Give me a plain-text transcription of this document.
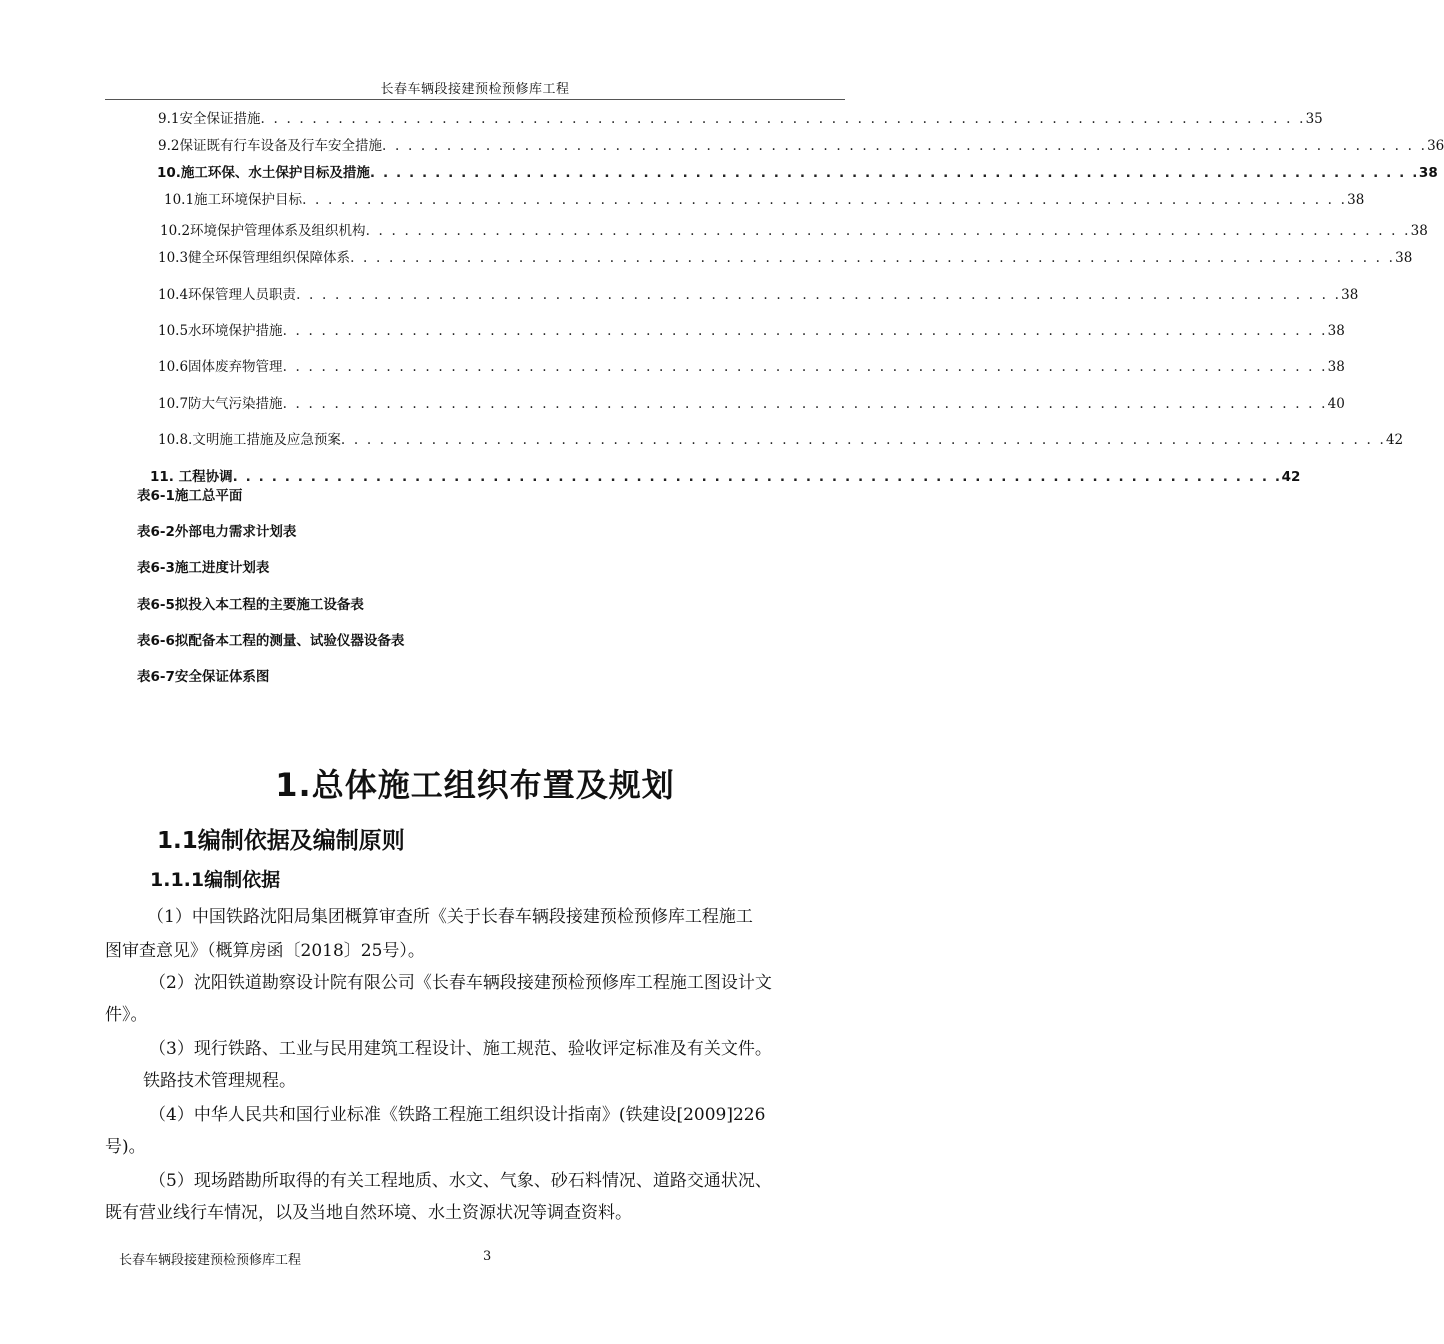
长春车辆段接建预检预修库工程
9.1安全保证措施 . . . . . . . . . . . . . . . . . . . . . . . . . . . . . . . . . . . . . . . . . . . . . . . . . . . . . . . . . . . . . . . . . . . . . . . . . . . . . . . . . 35
9.2保证既有行车设备及行车安全措施 . . . . . . . . . . . . . . . . . . . . . . . . . . . . . . . . . . . . . . . . . . . . . . . . . . . . . . . . . . . . . . . . . . . . . . . . . . . . . . . . . 36
10.施工环保、水土保护目标及措施 . . . . . . . . . . . . . . . . . . . . . . . . . . . . . . . . . . . . . . . . . . . . . . . . . . . . . . . . . . . . . . . . . . . . . . . . . . . . . . . . . 38
10.1施工环境保护目标 . . . . . . . . . . . . . . . . . . . . . . . . . . . . . . . . . . . . . . . . . . . . . . . . . . . . . . . . . . . . . . . . . . . . . . . . . . . . . . . . . 38
10.2环境保护管理体系及组织机构 . . . . . . . . . . . . . . . . . . . . . . . . . . . . . . . . . . . . . . . . . . . . . . . . . . . . . . . . . . . . . . . . . . . . . . . . . . . . . . . . . 38
10.3健全环保管理组织保障体系 . . . . . . . . . . . . . . . . . . . . . . . . . . . . . . . . . . . . . . . . . . . . . . . . . . . . . . . . . . . . . . . . . . . . . . . . . . . . . . . . . 38
10.4环保管理人员职责 . . . . . . . . . . . . . . . . . . . . . . . . . . . . . . . . . . . . . . . . . . . . . . . . . . . . . . . . . . . . . . . . . . . . . . . . . . . . . . . . . 38
10.5水环境保护措施 . . . . . . . . . . . . . . . . . . . . . . . . . . . . . . . . . . . . . . . . . . . . . . . . . . . . . . . . . . . . . . . . . . . . . . . . . . . . . . . . . 38
10.6固体废弃物管理 . . . . . . . . . . . . . . . . . . . . . . . . . . . . . . . . . . . . . . . . . . . . . . . . . . . . . . . . . . . . . . . . . . . . . . . . . . . . . . . . . 38
10.7防大气污染措施 . . . . . . . . . . . . . . . . . . . . . . . . . . . . . . . . . . . . . . . . . . . . . . . . . . . . . . . . . . . . . . . . . . . . . . . . . . . . . . . . . 40
10.8.文明施工措施及应急预案 . . . . . . . . . . . . . . . . . . . . . . . . . . . . . . . . . . . . . . . . . . . . . . . . . . . . . . . . . . . . . . . . . . . . . . . . . . . . . . . . . 42
11. 工程协调 . . . . . . . . . . . . . . . . . . . . . . . . . . . . . . . . . . . . . . . . . . . . . . . . . . . . . . . . . . . . . . . . . . . . . . . . . . . . . . . . . 42
表6-1施工总平面
表6-2外部电力需求计划表
表6-3施工进度计划表
表6-5拟投入本工程的主要施工设备表
表6-6拟配备本工程的测量、试验仪器设备表
表6-7安全保证体系图
1.总体施工组织布置及规划
1.1编制依据及编制原则
1.1.1编制依据
（1）中国铁路沈阳局集团概算审查所《关于长春车辆段接建预检预修库工程施工
图审查意见》（概算房函〔2018〕25号）。
（2）沈阳铁道勘察设计院有限公司《长春车辆段接建预检预修库工程施工图设计文
件》。
（3）现行铁路、工业与民用建筑工程设计、施工规范、验收评定标准及有关文件。
铁路技术管理规程。
（4）中华人民共和国行业标准《铁路工程施工组织设计指南》(铁建设[2009]226
号)。
（5）现场踏勘所取得的有关工程地质、水文、气象、砂石料情况、道路交通状况、
既有营业线行车情况，以及当地自然环境、水土资源状况等调查资料。
长春车辆段接建预检预修库工程	3
